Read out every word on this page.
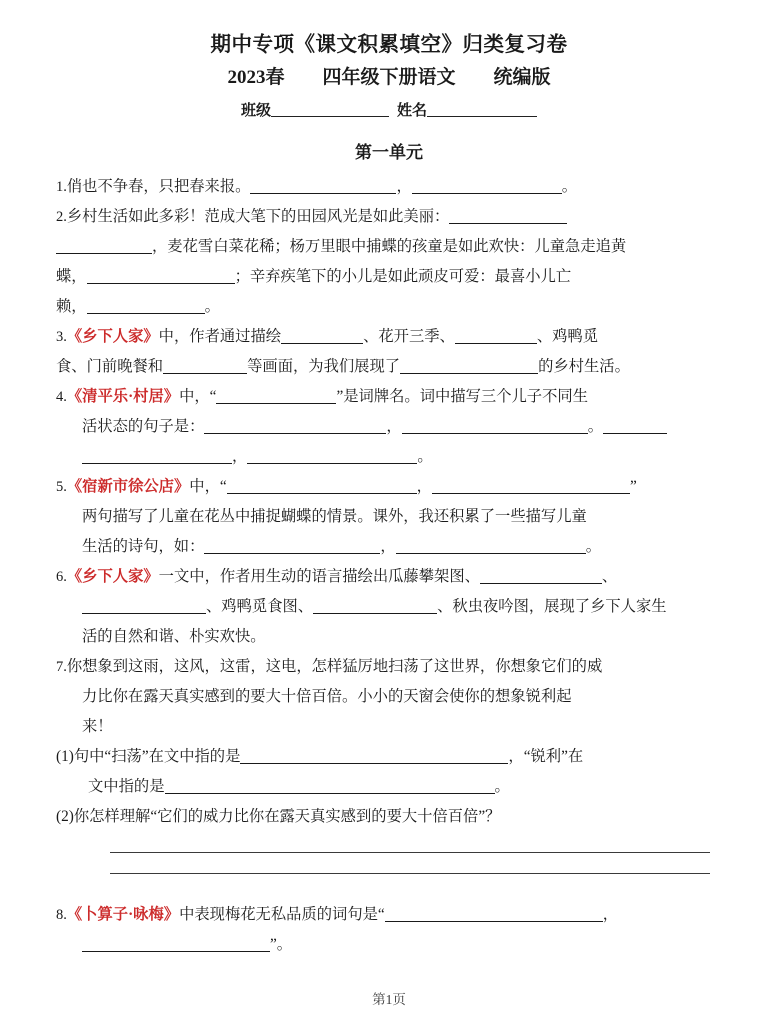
期中专项《课文积累填空》归类复习卷
2023春　　四年级下册语文　　统编版
班级	姓名
第一单元
1.俏也不争春，只把春来报。	，	。
2.乡村生活如此多彩！范成大笔下的田园风光是如此美丽：
，麦花雪白菜花稀；杨万里眼中捕蝶的孩童是如此欢快：儿童急走追黄
蝶，	；辛弃疾笔下的小儿是如此顽皮可爱：最喜小儿亡
赖，	。
3.《乡下人家》中，作者通过描绘	、花开三季、	、鸡鸭觅
食、门前晚餐和	等画面，为我们展现了	的乡村生活。
4.《清平乐·村居》中，“	”是词牌名。词中描写三个儿子不同生
活状态的句子是：	，	。
，	。
5.《宿新市徐公店》中，“	，	”
两句描写了儿童在花丛中捕捉蝴蝶的情景。课外，我还积累了一些描写儿童
生活的诗句，如：	，	。
6.《乡下人家》一文中，作者用生动的语言描绘出瓜藤攀架图、	、
、鸡鸭觅食图、	、秋虫夜吟图，展现了乡下人家生
活的自然和谐、朴实欢快。
7.你想象到这雨，这风，这雷，这电，怎样猛厉地扫荡了这世界，你想象它们的威
力比你在露天真实感到的要大十倍百倍。小小的天窗会使你的想象锐利起
来！
(1)句中“扫荡”在文中指的是	，“锐利”在
文中指的是	。
(2)你怎样理解“它们的威力比你在露天真实感到的要大十倍百倍”？
8.《卜算子·咏梅》中表现梅花无私品质的词句是“	，
”。
第1页
